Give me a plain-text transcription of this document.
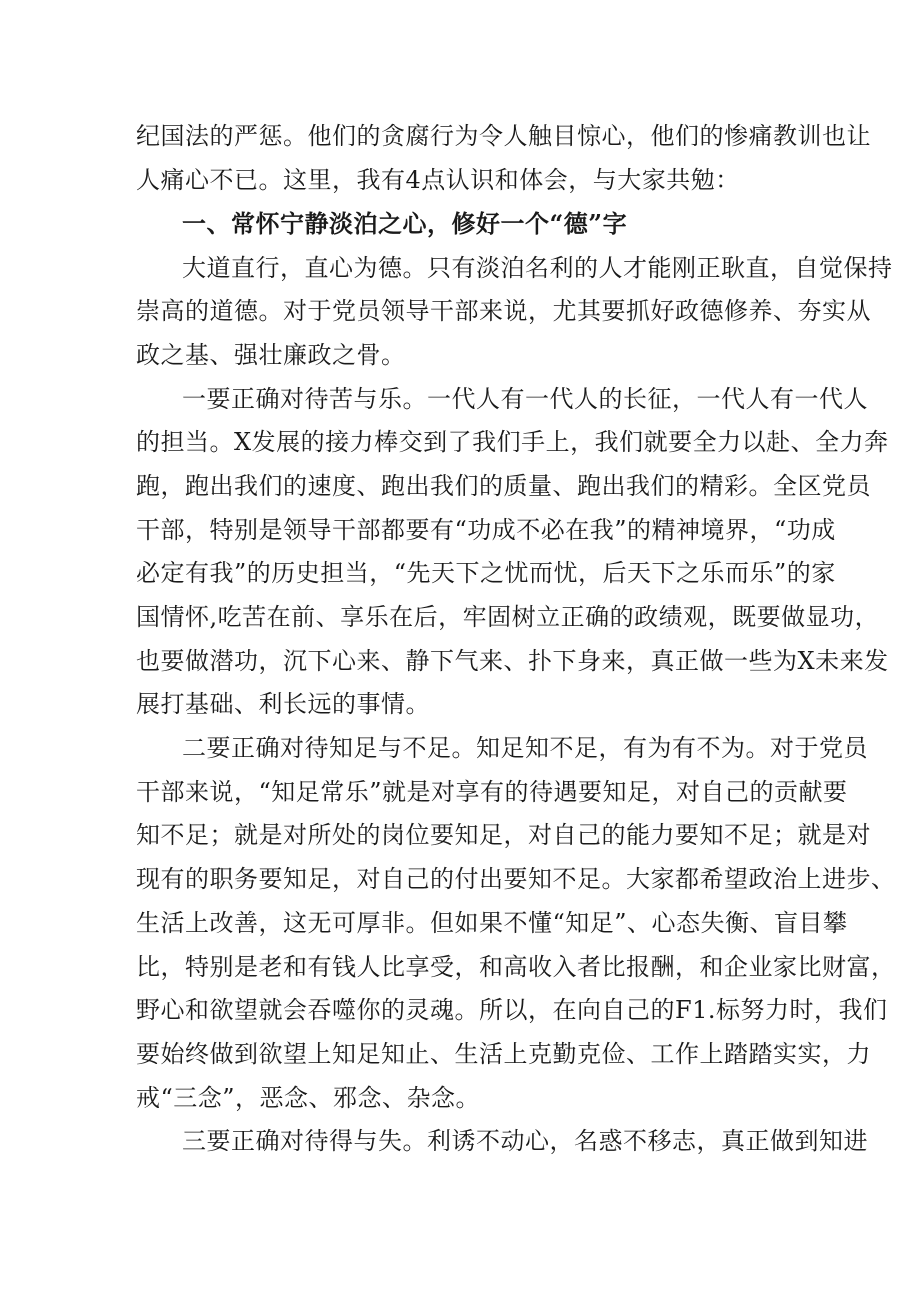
纪国法的严惩。他们的贪腐行为令人触目惊心，他们的惨痛教训也让
人痛心不已。这里，我有4点认识和体会，与大家共勉：
一、常怀宁静淡泊之心，修好一个“德”字
大道直行，直心为德。只有淡泊名利的人才能刚正耿直，自觉保持
崇高的道德。对于党员领导干部来说，尤其要抓好政德修养、夯实从
政之基、强壮廉政之骨。
一要正确对待苦与乐。一代人有一代人的长征，一代人有一代人
的担当。X发展的接力棒交到了我们手上，我们就要全力以赴、全力奔
跑，跑出我们的速度、跑出我们的质量、跑出我们的精彩。全区党员
干部，特别是领导干部都要有“功成不必在我”的精神境界，“功成
必定有我”的历史担当，“先天下之忧而忧，后天下之乐而乐”的家
国情怀,吃苦在前、享乐在后，牢固树立正确的政绩观，既要做显功，
也要做潜功，沉下心来、静下气来、扑下身来，真正做一些为X未来发
展打基础、利长远的事情。
二要正确对待知足与不足。知足知不足，有为有不为。对于党员
干部来说，“知足常乐”就是对享有的待遇要知足，对自己的贡献要
知不足；就是对所处的岗位要知足，对自己的能力要知不足；就是对
现有的职务要知足，对自己的付出要知不足。大家都希望政治上进步、
生活上改善，这无可厚非。但如果不懂“知足”、心态失衡、盲目攀
比，特别是老和有钱人比享受，和高收入者比报酬，和企业家比财富，
野心和欲望就会吞噬你的灵魂。所以，在向自己的F1.标努力时，我们
要始终做到欲望上知足知止、生活上克勤克俭、工作上踏踏实实，力
戒“三念”，恶念、邪念、杂念。
三要正确对待得与失。利诱不动心，名惑不移志，真正做到知进
